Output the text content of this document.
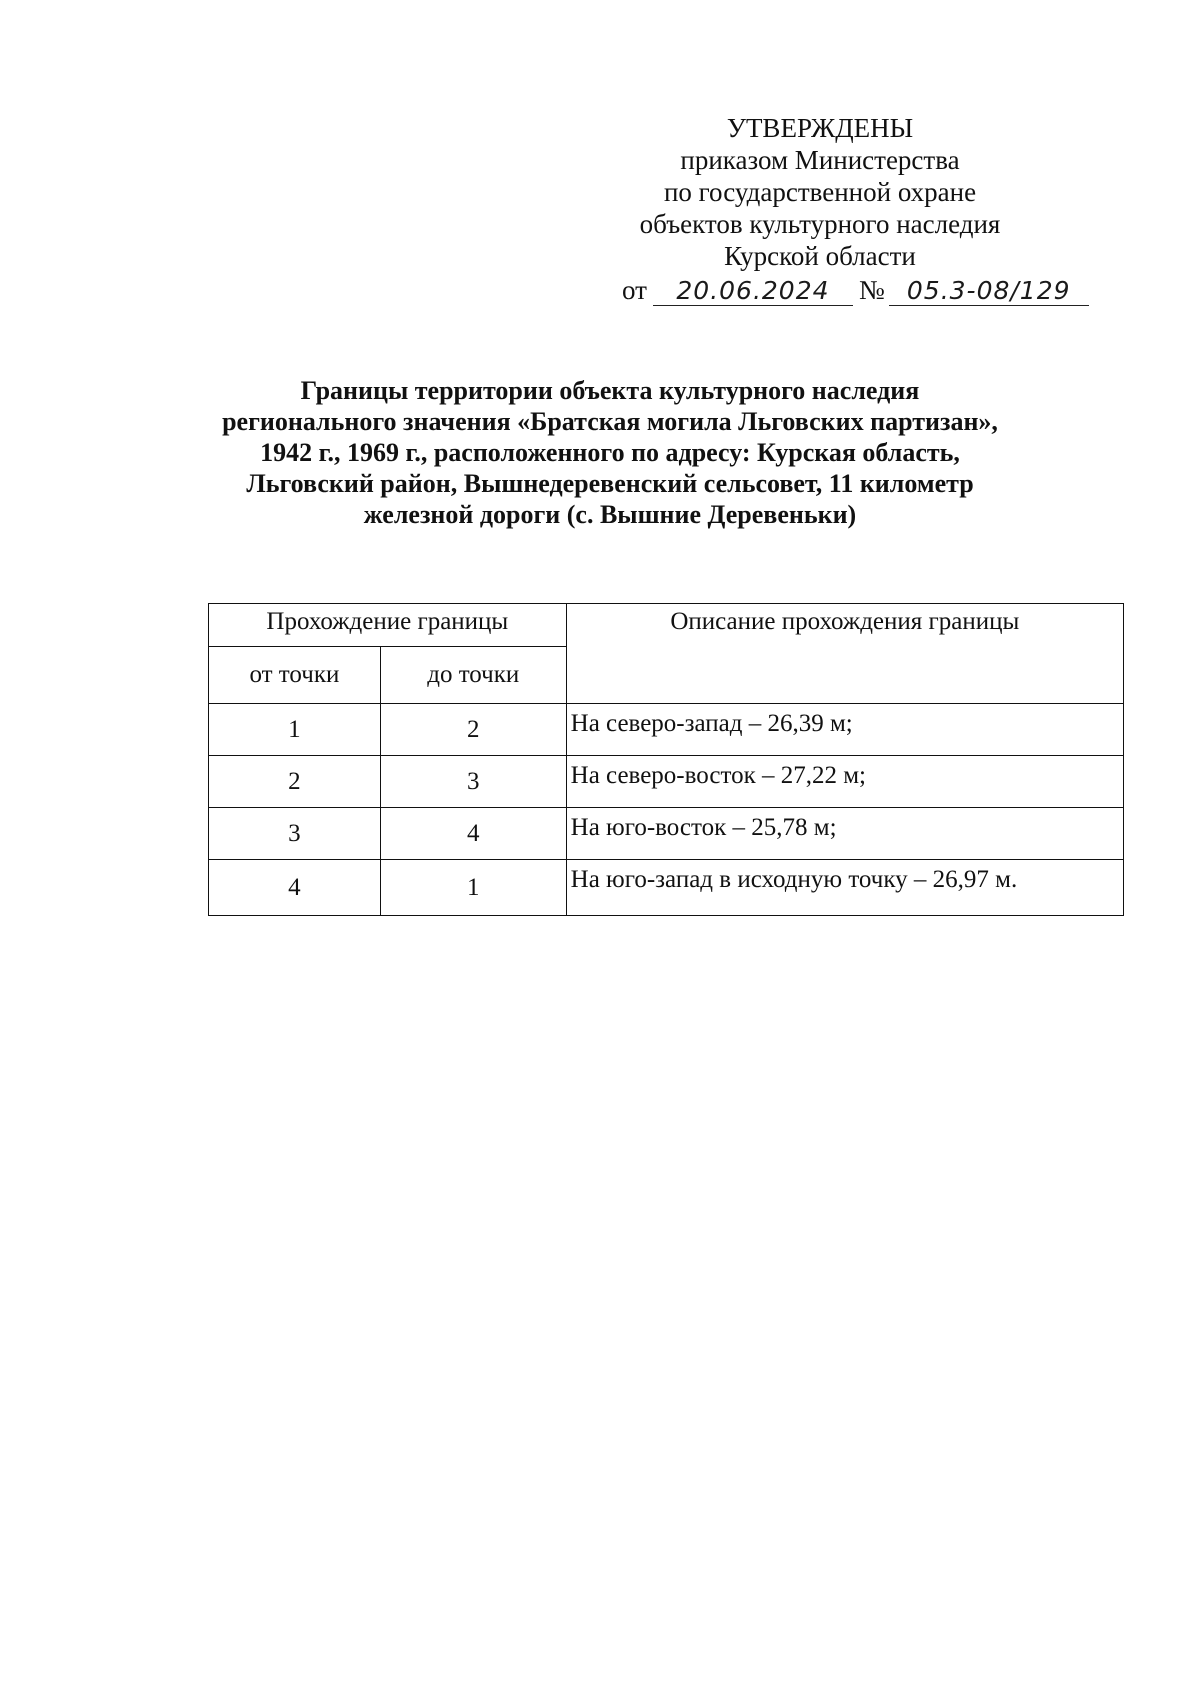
УТВЕРЖДЕНЫ
приказом Министерства
по государственной охране
объектов культурного наследия
Курской области
от 20.06.2024 № 05.3-08/129
Границы территории объекта культурного наследия
регионального значения «Братская могила Льговских партизан»,
1942 г., 1969 г., расположенного по адресу: Курская область,
Льговский район, Вышнедеревенский сельсовет, 11 километр
железной дороги (с. Вышние Деревеньки)
Прохождение границы		Описание прохождения границы
от точки	до точки	
1	2	На северо-запад – 26,39 м;
2	3	На северо-восток – 27,22 м;
3	4	На юго-восток – 25,78 м;
4	1	На юго-запад в исходную точку – 26,97 м.
